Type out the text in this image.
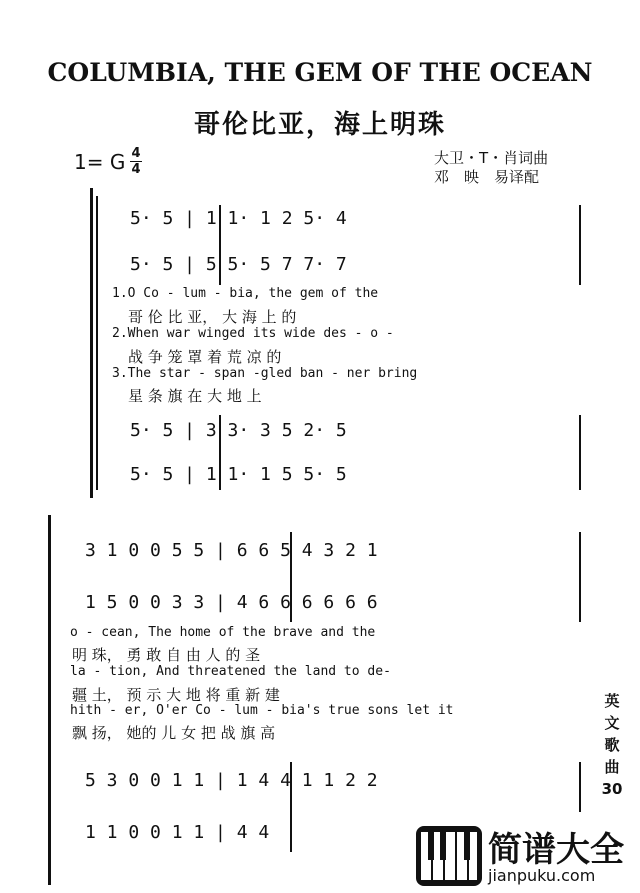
COLUMBIA, THE GEM OF THE OCEAN
哥伦比亚，海上明珠
1= G 4
4
大卫・T・肖词曲
邓　映　易译配
5· 5 | 1 1· 1 2 5· 4
5· 5 | 5 5· 5 7 7· 7
1.O Co - lum - bia, the gem of the
哥 伦 比 亚， 大 海 上 的
2.When war winged its wide des - o -
战 争 笼 罩 着 荒 凉 的
3.The star - span -gled ban - ner bring
星 条 旗 在 大 地 上
5· 5 | 3 3· 3 5 2· 5
5· 5 | 1 1· 1 5 5· 5
3 1 0 0 5 5 | 6 6 5 4 3 2 1
1 5 0 0 3 3 | 4 6 6 6 6 6 6
o - cean, The home of the brave and the
明 珠， 勇 敢 自 由 人 的 圣
la - tion, And threatened the land to de-
疆 土， 预 示 大 地 将 重 新 建
hith - er, O'er Co - lum - bia's true sons let it
飘 扬， 她的 儿 女 把 战 旗 高
5 3 0 0 1 1 | 1 4 4 1 1 2 2
1 1 0 0 1 1 | 4 4
英文歌曲30
简谱大全
jianpuku.com
